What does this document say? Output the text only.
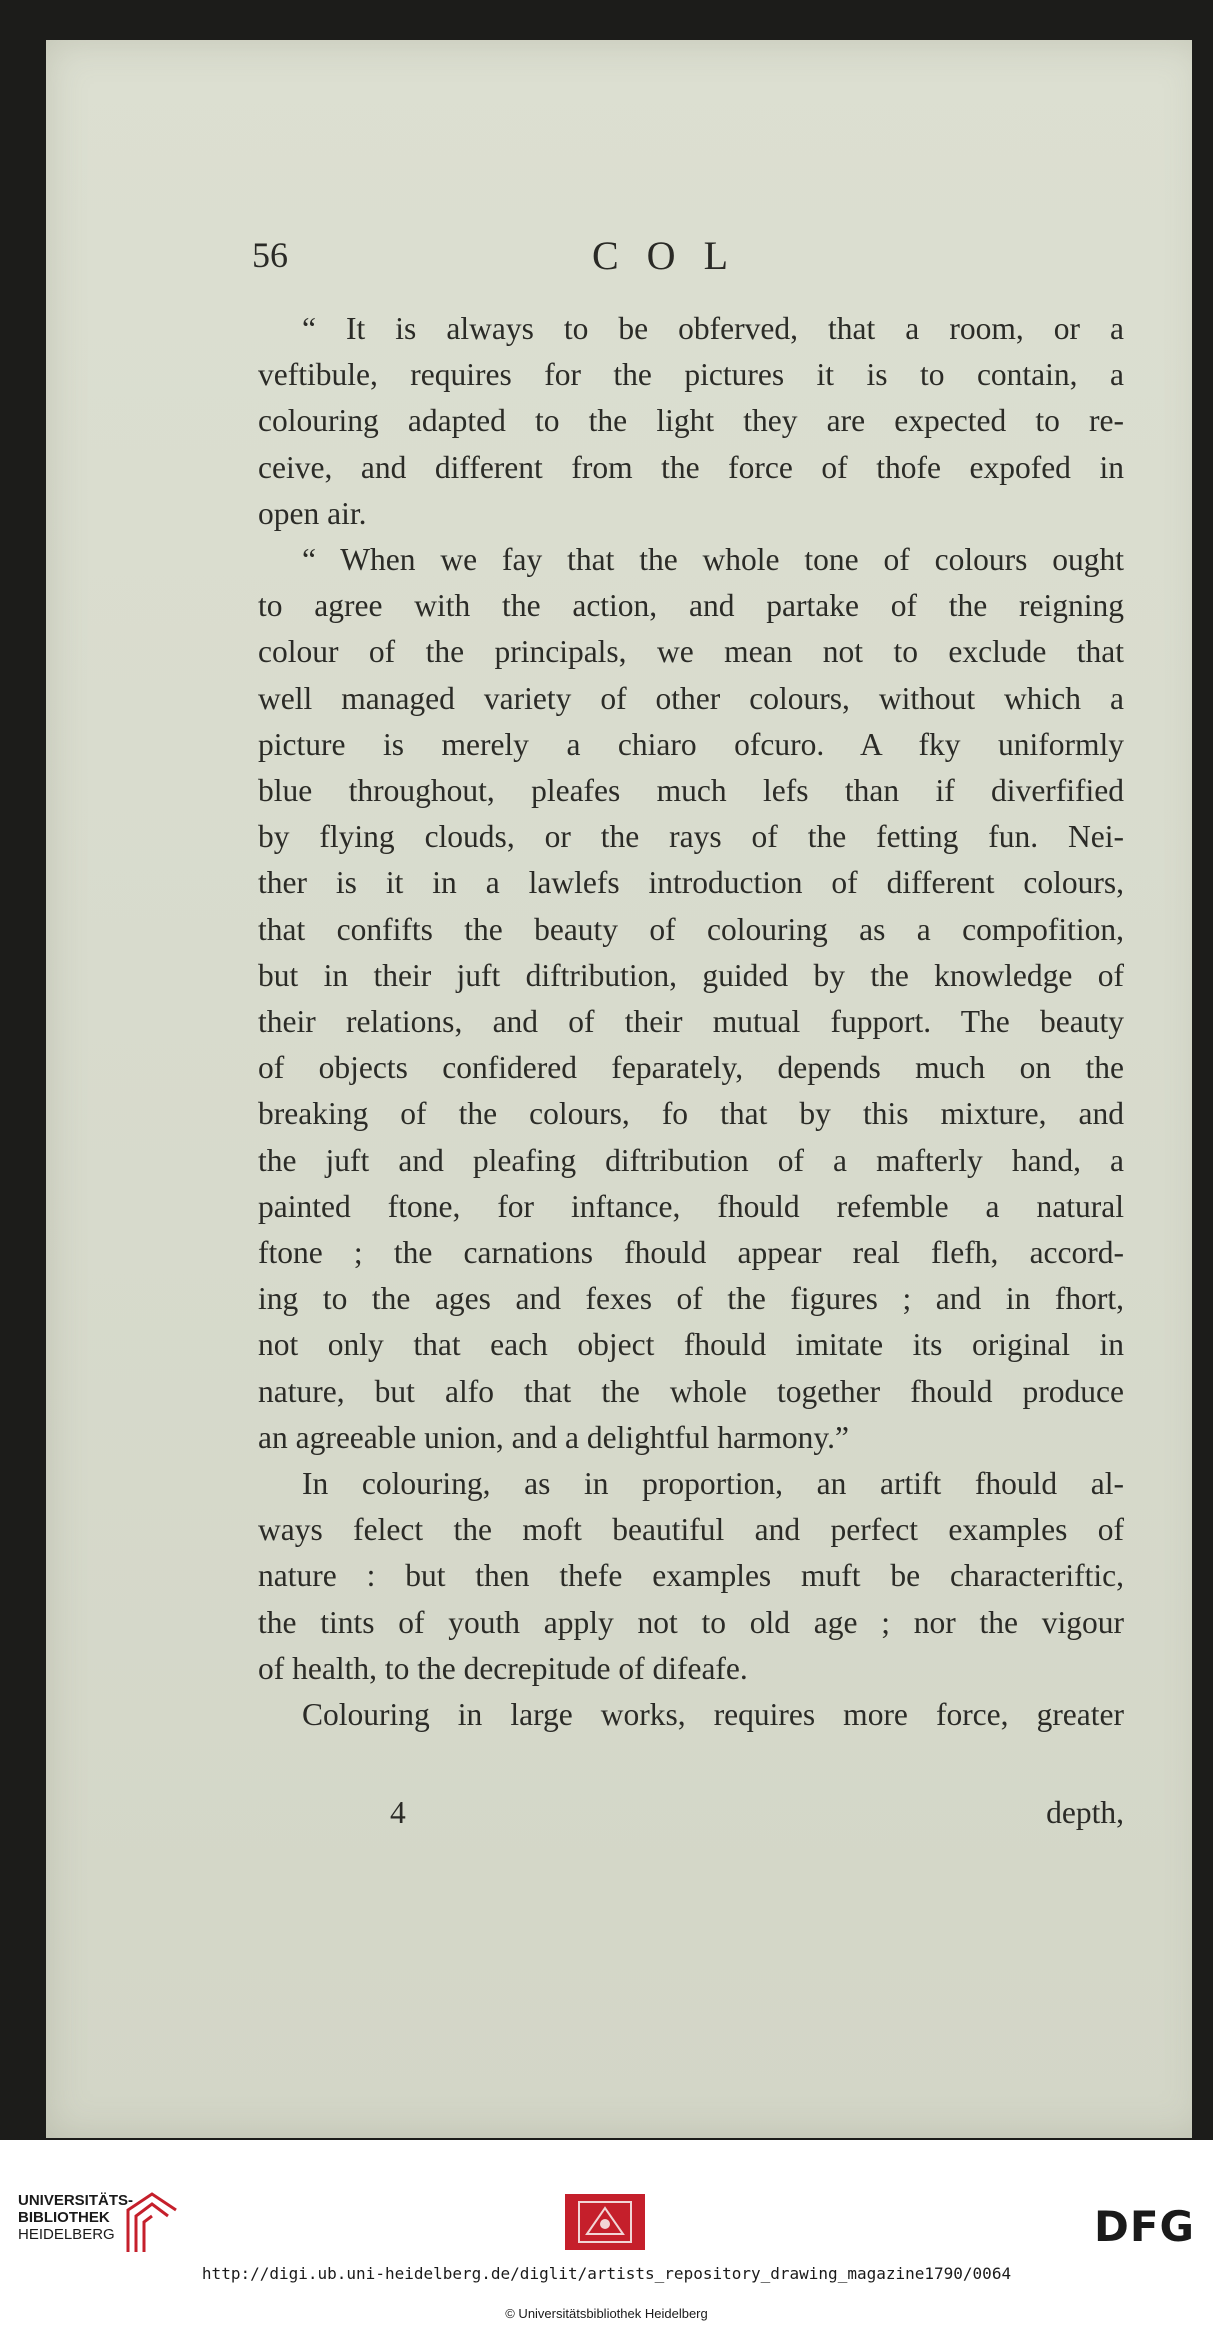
56	COL
“ It is always to be obferved, that a room, or a
veftibule, requires for the pictures it is to contain, a
colouring adapted to the light they are expected to re-
ceive, and different from the force of thofe expofed in
open air.
“ When we fay that the whole tone of colours ought
to agree with the action, and partake of the reigning
colour of the principals, we mean not to exclude that
well managed variety of other colours, without which a
picture is merely a chiaro ofcuro. A fky uniformly
blue throughout, pleafes much lefs than if diverfified
by flying clouds, or the rays of the fetting fun. Nei-
ther is it in a lawlefs introduction of different colours,
that confifts the beauty of colouring as a compofition,
but in their juft diftribution, guided by the knowledge of
their relations, and of their mutual fupport. The beauty
of objects confidered feparately, depends much on the
breaking of the colours, fo that by this mixture, and
the juft and pleafing diftribution of a mafterly hand, a
painted ftone, for inftance, fhould refemble a natural
ftone ; the carnations fhould appear real flefh, accord-
ing to the ages and fexes of the figures ; and in fhort,
not only that each object fhould imitate its original in
nature, but alfo that the whole together fhould produce
an agreeable union, and a delightful harmony.”
In colouring, as in proportion, an artift fhould al-
ways felect the moft beautiful and perfect examples of
nature : but then thefe examples muft be characteriftic,
the tints of youth apply not to old age ; nor the vigour
of health, to the decrepitude of difeafe.
Colouring in large works, requires more force, greater
4	depth,
UNIVERSITÄTS-
BIBLIOTHEK
HEIDELBERG	DFG
http://digi.ub.uni-heidelberg.de/diglit/artists_repository_drawing_magazine1790/0064
© Universitätsbibliothek Heidelberg
